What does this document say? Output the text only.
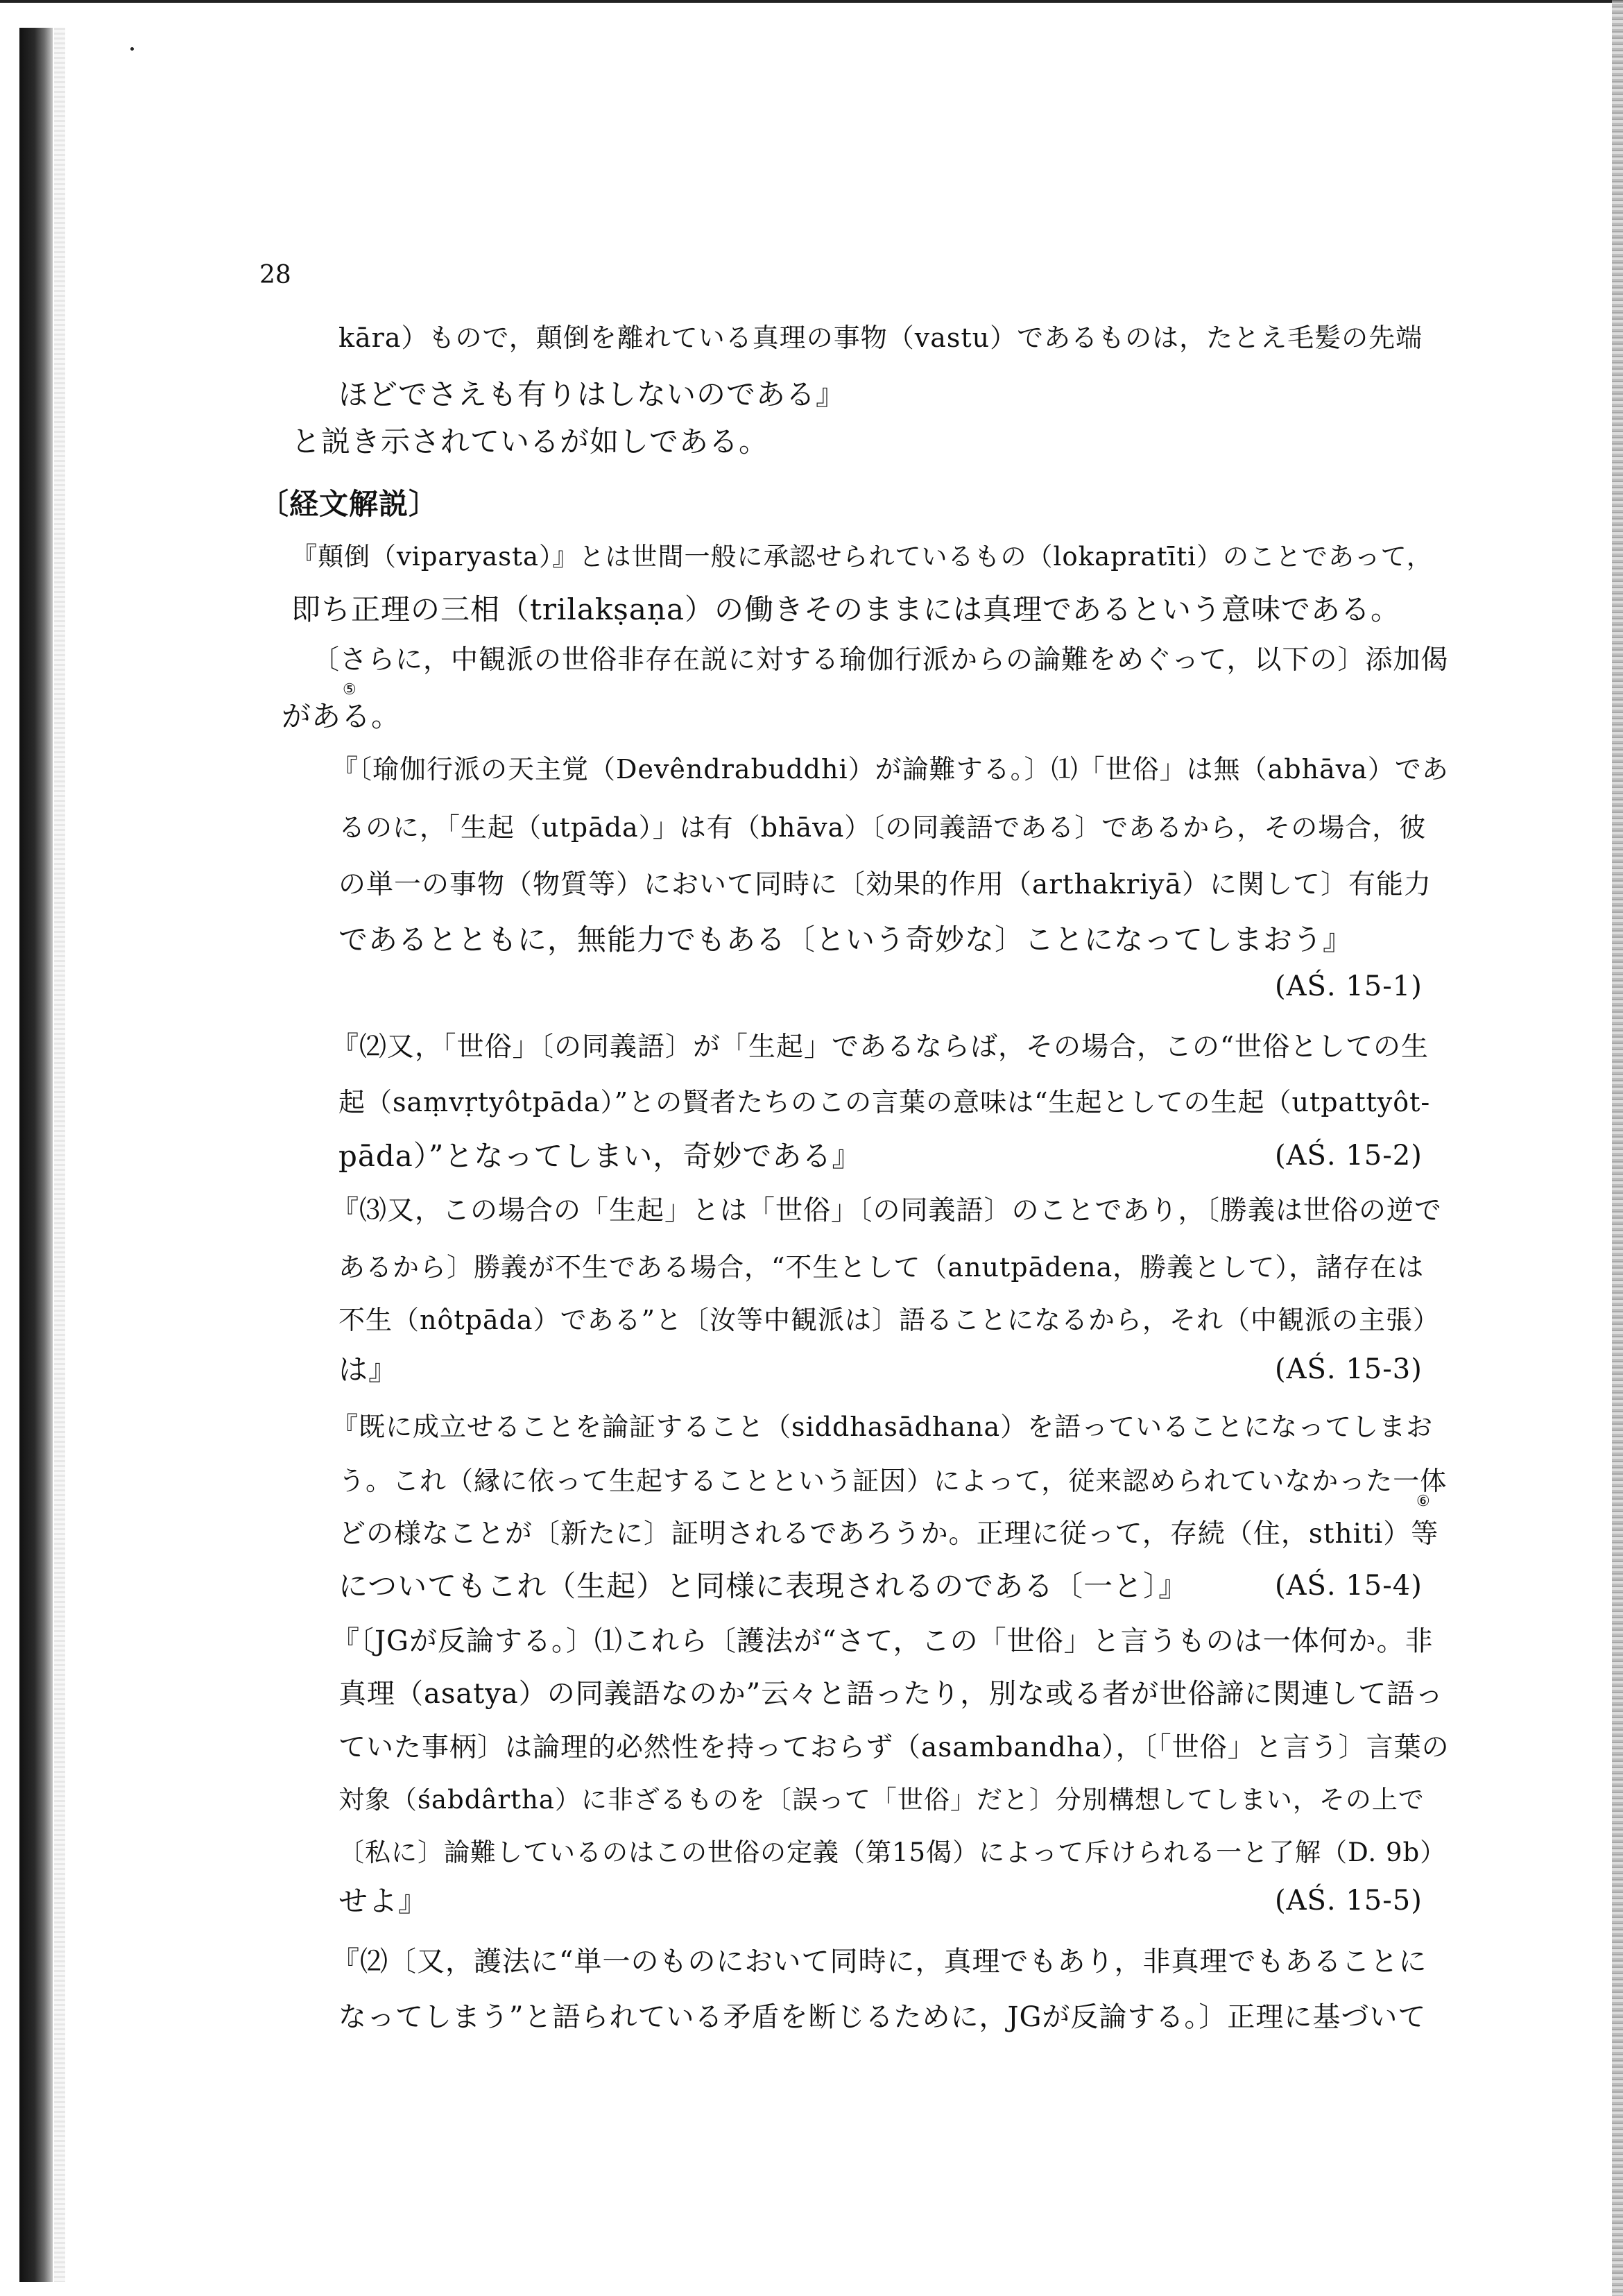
28
kāra）もので，顛倒を離れている真理の事物（vastu）であるものは，たとえ毛髪の先端
ほどでさえも有りはしないのである』
と説き示されているが如しである。
〔経文解説〕
『顛倒（viparyasta）』とは世間一般に承認せられているもの（lokapratīti）のことであって，
即ち正理の三相（trilakṣaṇa）の働きそのままには真理であるという意味である。
〔さらに，中観派の世俗非存在説に対する瑜伽行派からの論難をめぐって，以下の〕添加偈
がある。
⑤
『〔瑜伽行派の天主覚（Devêndrabuddhi）が論難する。〕⑴「世俗」は無（abhāva）であ
るのに，「生起（utpāda）」は有（bhāva）〔の同義語である〕であるから，その場合，彼
の単一の事物（物質等）において同時に〔効果的作用（arthakriyā）に関して〕有能力
であるとともに，無能力でもある〔という奇妙な〕ことになってしまおう』
(AŚ. 15-1)
『⑵又，「世俗」〔の同義語〕が「生起」であるならば，その場合，この“世俗としての生
起（saṃvṛtyôtpāda）”との賢者たちのこの言葉の意味は“生起としての生起（utpattyôt-
pāda）”となってしまい，奇妙である』	(AŚ. 15-2)
『⑶又，この場合の「生起」とは「世俗」〔の同義語〕のことであり，〔勝義は世俗の逆で
あるから〕勝義が不生である場合，“不生として（anutpādena，勝義として），諸存在は
不生（nôtpāda）である”と〔汝等中観派は〕語ることになるから，それ（中観派の主張）
は』	(AŚ. 15-3)
『既に成立せることを論証すること（siddhasādhana）を語っていることになってしまお
う。これ（縁に依って生起することという証因）によって，従来認められていなかった一体
どの様なことが〔新たに〕証明されるであろうか。正理に従って，存続（住，sthiti）等
⑥
についてもこれ（生起）と同様に表現されるのである〔一と〕』	(AŚ. 15-4)
『〔JGが反論する。〕⑴これら〔護法が“さて，この「世俗」と言うものは一体何か。非
真理（asatya）の同義語なのか”云々と語ったり，別な或る者が世俗諦に関連して語っ
ていた事柄〕は論理的必然性を持っておらず（asambandha），〔「世俗」と言う〕言葉の
対象（śabdârtha）に非ざるものを〔誤って「世俗」だと〕分別構想してしまい，その上で
〔私に〕論難しているのはこの世俗の定義（第15偈）によって斥けられる一と了解（D. 9b）
せよ』	(AŚ. 15-5)
『⑵〔又，護法に“単一のものにおいて同時に，真理でもあり，非真理でもあることに
なってしまう”と語られている矛盾を断じるために，JGが反論する。〕正理に基づいて
